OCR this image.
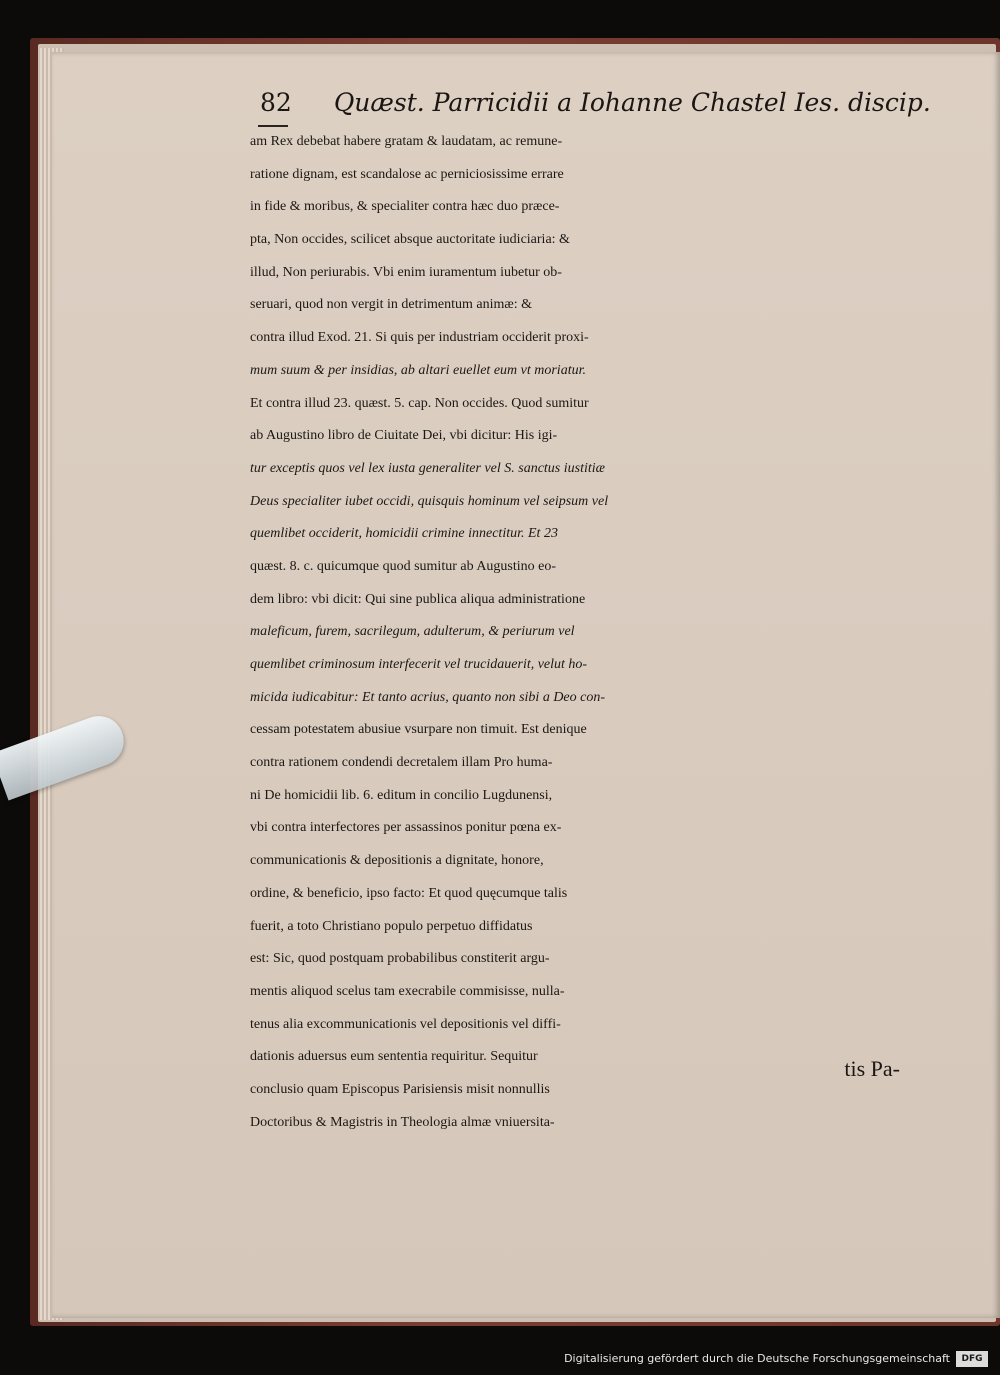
82 Quæst. Parricidii a Iohanne Chastel Ies. discip.
am Rex debebat habere gratam & laudatam, ac remune-
ratione dignam, est scandalose ac perniciosissime errare
in fide & moribus, & specialiter contra hæc duo præce-
pta, Non occides, scilicet absque auctoritate iudiciaria: &
illud, Non periurabis. Vbi enim iuramentum iubetur ob-
seruari, quod non vergit in detrimentum animæ: &
contra illud Exod. 21. Si quis per industriam occiderit proxi-
mum suum & per insidias, ab altari euellet eum vt moriatur.
Et contra illud 23. quæst. 5. cap. Non occides. Quod sumitur
ab Augustino libro de Ciuitate Dei, vbi dicitur: His igi-
tur exceptis quos vel lex iusta generaliter vel S. sanctus iustitiæ
Deus specialiter iubet occidi, quisquis hominum vel seipsum vel
quemlibet occiderit, homicidii crimine innectitur. Et 23
quæst. 8. c. quicumque quod sumitur ab Augustino eo-
dem libro: vbi dicit: Qui sine publica aliqua administratione
maleficum, furem, sacrilegum, adulterum, & periurum vel
quemlibet criminosum interfecerit vel trucidauerit, velut ho-
micida iudicabitur: Et tanto acrius, quanto non sibi a Deo con-
cessam potestatem abusiue vsurpare non timuit. Est denique
contra rationem condendi decretalem illam Pro huma-
ni De homicidii lib. 6. editum in concilio Lugdunensi,
vbi contra interfectores per assassinos ponitur pœna ex-
communicationis & depositionis a dignitate, honore,
ordine, & beneficio, ipso facto: Et quod quęcumque talis
fuerit, a toto Christiano populo perpetuo diffidatus
est: Sic, quod postquam probabilibus constiterit argu-
mentis aliquod scelus tam execrabile commisisse, nulla-
tenus alia excommunicationis vel depositionis vel diffi-
dationis aduersus eum sententia requiritur. Sequitur
conclusio quam Episcopus Parisiensis misit nonnullis
Doctoribus & Magistris in Theologia almæ vniuersita-
tis Pa-
Digitalisierung gefördert durch die Deutsche Forschungsgemeinschaft	DFG
